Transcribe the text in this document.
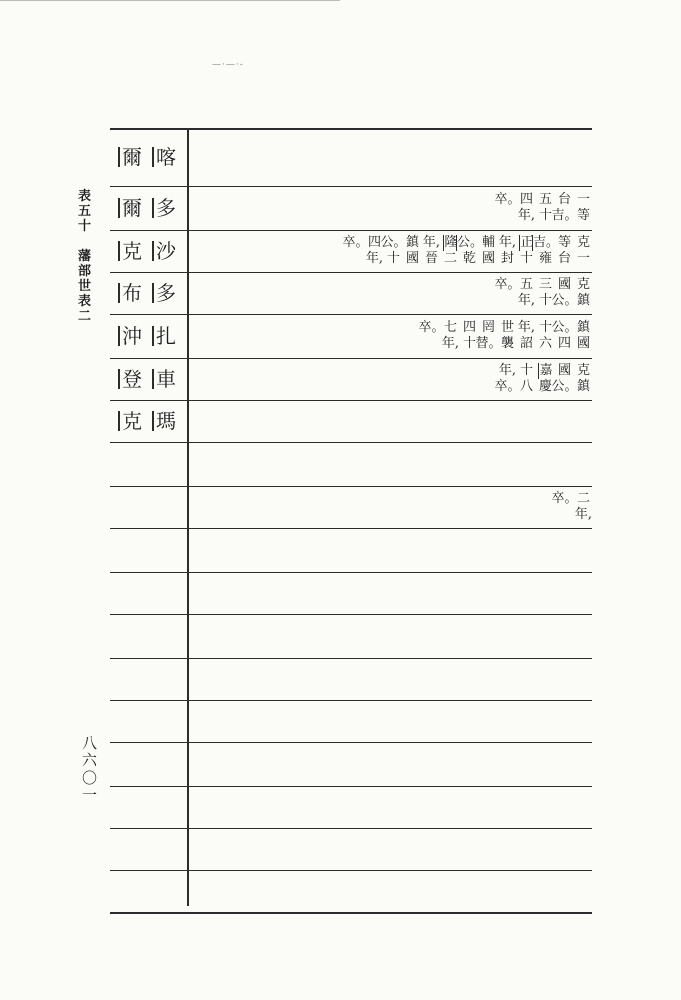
—·—·-
表
五
十

藩
部
世
表
二
八
六
〇
一
爾 喀
爾 多
克 沙
布 多
沖 扎
登 車
克 瑪
一
等
台
吉。
五
十
四
年,
卒。
克
一
等
台
吉。
雍
正
十
年,
封
輔
國
公。
乾
隆
二
年,
晉
鎮
國
公。
十
四
年,
卒。
克
鎮
國
公。
三
十
五
年,
卒。
鎮
國
公。
四
十
六
年,
詔
世
襲
罔
替。
四
十
七
年,
卒。
克
鎮
國
公。
嘉
慶
十
八
年,
卒。
二
年,
卒。
